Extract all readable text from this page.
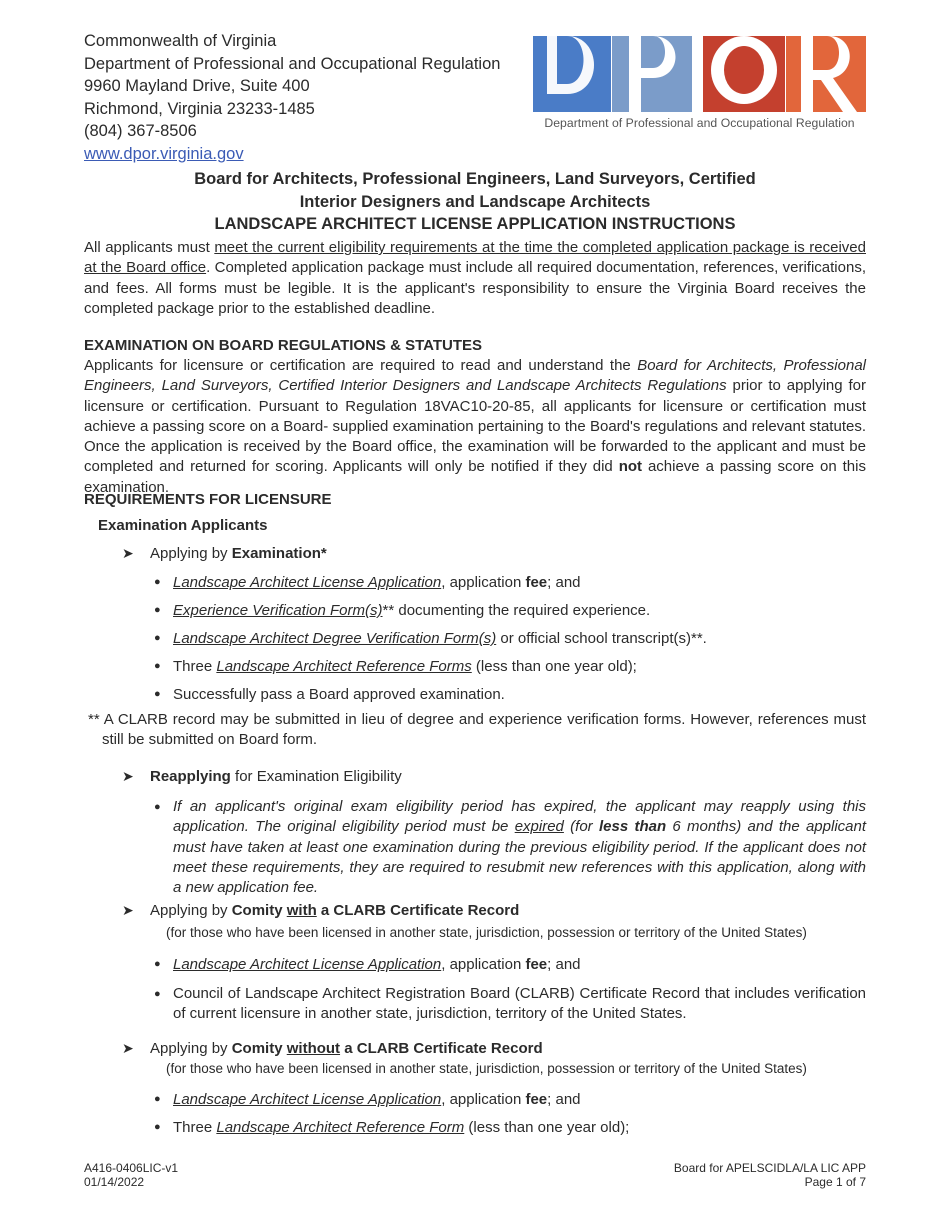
Commonwealth of Virginia
Department of Professional and Occupational Regulation
9960 Mayland Drive, Suite 400
Richmond, Virginia 23233-1485
(804) 367-8506
www.dpor.virginia.gov
Department of Professional and Occupational Regulation
Board for Architects, Professional Engineers, Land Surveyors, Certified
Interior Designers and Landscape Architects
LANDSCAPE ARCHITECT LICENSE APPLICATION INSTRUCTIONS
All applicants must meet the current eligibility requirements at the time the completed application package is received at the Board office. Completed application package must include all required documentation, references, verifications, and fees. All forms must be legible. It is the applicant's responsibility to ensure the Virginia Board receives the completed package prior to the established deadline.
EXAMINATION ON BOARD REGULATIONS & STATUTES
Applicants for licensure or certification are required to read and understand the Board for Architects, Professional Engineers, Land Surveyors, Certified Interior Designers and Landscape Architects Regulations prior to applying for licensure or certification. Pursuant to Regulation 18VAC10-20-85, all applicants for licensure or certification must achieve a passing score on a Board- supplied examination pertaining to the Board's regulations and relevant statutes. Once the application is received by the Board office, the examination will be forwarded to the applicant and must be completed and returned for scoring. Applicants will only be notified if they did not achieve a passing score on this examination.
REQUIREMENTS FOR LICENSURE
Examination Applicants
➤ Applying by Examination*
● Landscape Architect License Application, application fee; and
● Experience Verification Form(s)** documenting the required experience.
● Landscape Architect Degree Verification Form(s) or official school transcript(s)**.
● Three Landscape Architect Reference Forms (less than one year old);
● Successfully pass a Board approved examination.
** A CLARB record may be submitted in lieu of degree and experience verification forms. However, references must still be submitted on Board form.
➤ Reapplying for Examination Eligibility
● If an applicant's original exam eligibility period has expired, the applicant may reapply using this application. The original eligibility period must be expired (for less than 6 months) and the applicant must have taken at least one examination during the previous eligibility period. If the applicant does not meet these requirements, they are required to resubmit new references with this application, along with a new application fee.
➤ Applying by Comity with a CLARB Certificate Record
(for those who have been licensed in another state, jurisdiction, possession or territory of the United States)
● Landscape Architect License Application, application fee; and
● Council of Landscape Architect Registration Board (CLARB) Certificate Record that includes verification of current licensure in another state, jurisdiction, territory of the United States.
➤ Applying by Comity without a CLARB Certificate Record
(for those who have been licensed in another state, jurisdiction, possession or territory of the United States)
● Landscape Architect License Application, application fee; and
● Three Landscape Architect Reference Form (less than one year old);
A416-0406LIC-v1
01/14/2022
Board for APELSCIDLA/LA LIC APP
Page 1 of 7
